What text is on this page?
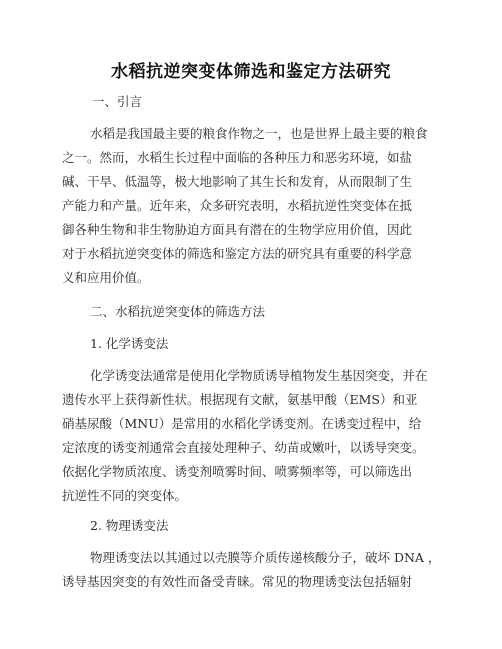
水稻抗逆突变体筛选和鉴定方法研究
一、引言
水稻是我国最主要的粮食作物之一，也是世界上最主要的粮食
之一。然而，水稻生长过程中面临的各种压力和恶劣环境，如盐
碱、干旱、低温等，极大地影响了其生长和发育，从而限制了生
产能力和产量。近年来，众多研究表明，水稻抗逆性突变体在抵
御各种生物和非生物胁迫方面具有潜在的生物学应用价值，因此
对于水稻抗逆突变体的筛选和鉴定方法的研究具有重要的科学意
义和应用价值。
二、水稻抗逆突变体的筛选方法
1. 化学诱变法
化学诱变法通常是使用化学物质诱导植物发生基因突变，并在
遗传水平上获得新性状。根据现有文献，氨基甲酸（EMS）和亚
硝基尿酸（MNU）是常用的水稻化学诱变剂。在诱变过程中，给
定浓度的诱变剂通常会直接处理种子、幼苗或嫩叶，以诱导突变。
依据化学物质浓度、诱变剂喷雾时间、喷雾频率等，可以筛选出
抗逆性不同的突变体。
2. 物理诱变法
物理诱变法以其通过以壳膜等介质传递核酸分子，破坏 DNA ，
诱导基因突变的有效性而备受青睐。常见的物理诱变法包括辐射
